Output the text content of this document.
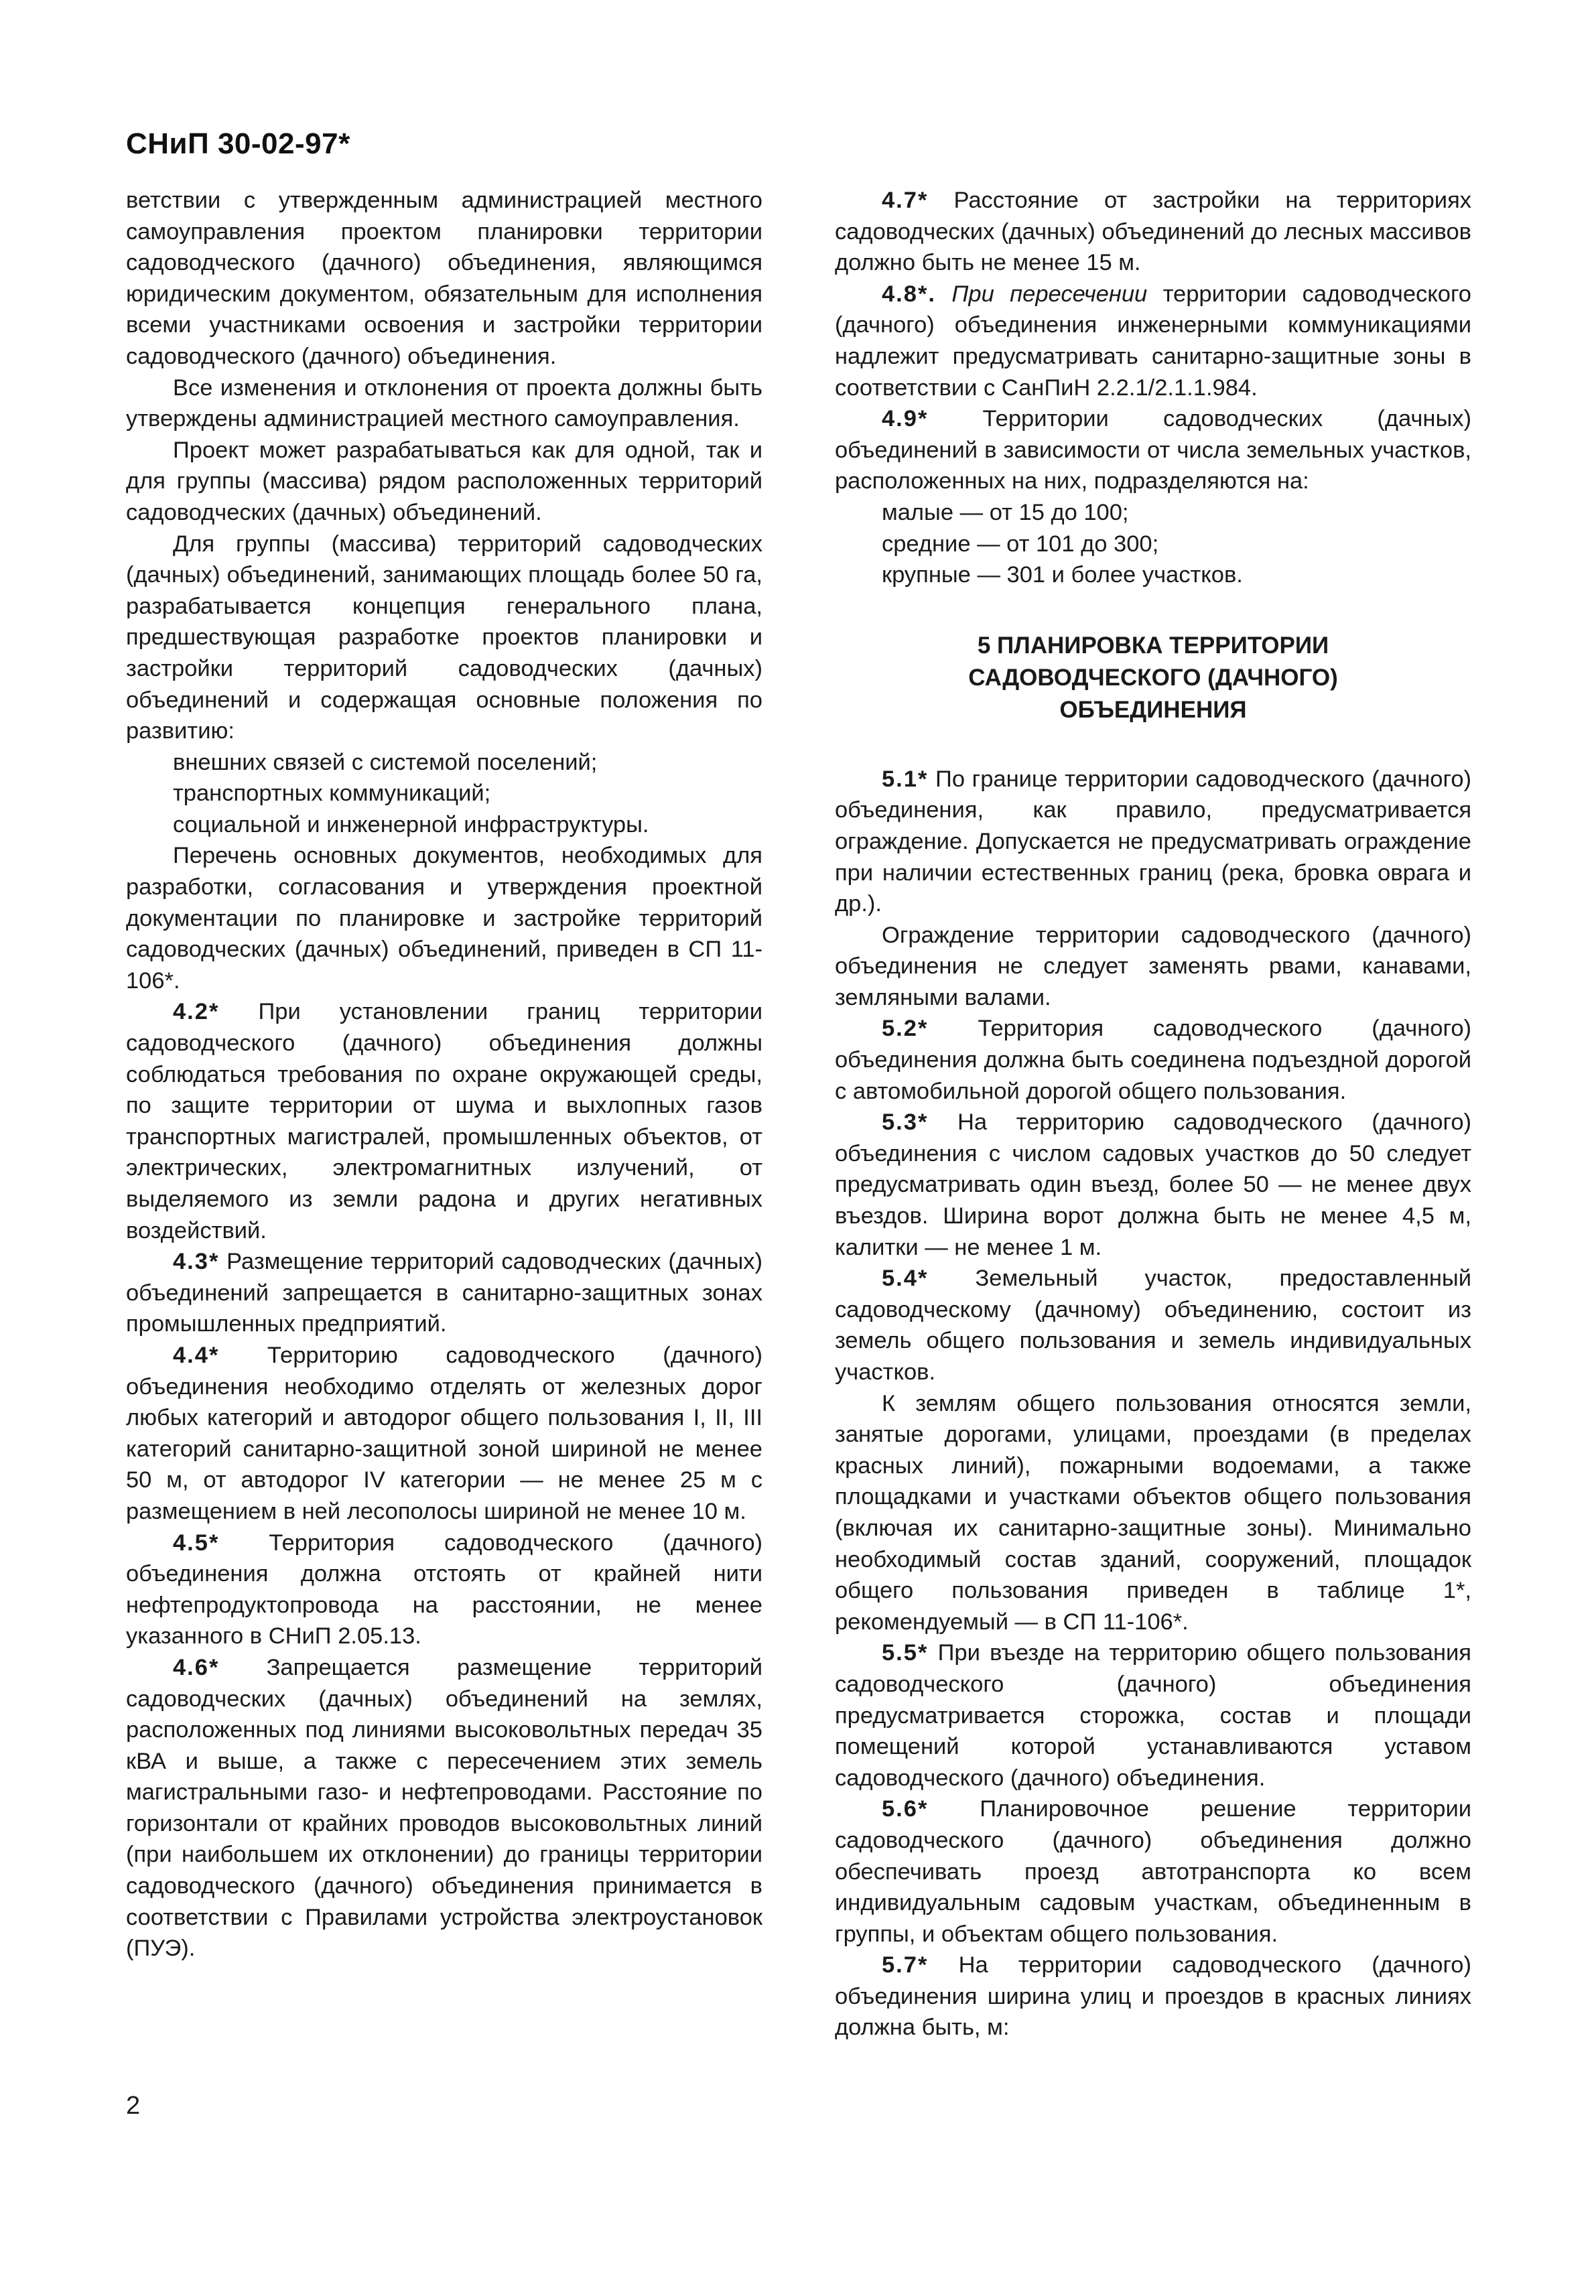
СНиП 30-02-97*

ветствии с утвержденным администрацией местного самоуправления проектом планировки территории садоводческого (дачного) объединения, являющимся юридическим документом, обязательным для исполнения всеми участниками освоения и застройки территории садоводческого (дачного) объединения.

Все изменения и отклонения от проекта должны быть утверждены администрацией местного самоуправления.

Проект может разрабатываться как для одной, так и для группы (массива) рядом расположенных территорий садоводческих (дачных) объединений.

Для группы (массива) территорий садоводческих (дачных) объединений, занимающих площадь более 50 га, разрабатывается концепция генерального плана, предшествующая разработке проектов планировки и застройки территорий садоводческих (дачных) объединений и содержащая основные положения по развитию:

внешних связей с системой поселений;

транспортных коммуникаций;

социальной и инженерной инфраструктуры.

Перечень основных документов, необходимых для разработки, согласования и утверждения проектной документации по планировке и застройке территорий садоводческих (дачных) объединений, приведен в СП 11-106*.

4.2* При установлении границ территории садоводческого (дачного) объединения должны соблюдаться требования по охране окружающей среды, по защите территории от шума и выхлопных газов транспортных магистралей, промышленных объектов, от электрических, электромагнитных излучений, от выделяемого из земли радона и других негативных воздействий.

4.3* Размещение территорий садоводческих (дачных) объединений запрещается в санитарно-защитных зонах промышленных предприятий.

4.4* Территорию садоводческого (дачного) объединения необходимо отделять от железных дорог любых категорий и автодорог общего пользования I, II, III категорий санитарно-защитной зоной шириной не менее 50 м, от автодорог IV категории — не менее 25 м с размещением в ней лесополосы шириной не менее 10 м.

4.5* Территория садоводческого (дачного) объединения должна отстоять от крайней нити нефтепродуктопровода на расстоянии, не менее указанного в СНиП 2.05.13.

4.6* Запрещается размещение территорий садоводческих (дачных) объединений на землях, расположенных под линиями высоковольтных передач 35 кВА и выше, а также с пересечением этих земель магистральными газо- и нефтепроводами. Расстояние по горизонтали от крайних проводов высоковольтных линий (при наибольшем их отклонении) до границы территории садоводческого (дачного) объединения принимается в соответствии с Правилами устройства электроустановок (ПУЭ).

4.7* Расстояние от застройки на территориях садоводческих (дачных) объединений до лесных массивов должно быть не менее 15 м.

4.8*. При пересечении территории садоводческого (дачного) объединения инженерными коммуникациями надлежит предусматривать санитарно-защитные зоны в соответствии с СанПиН 2.2.1/2.1.1.984.

4.9* Территории садоводческих (дачных) объединений в зависимости от числа земельных участков, расположенных на них, подразделяются на:

малые — от 15 до 100;

средние — от 101 до 300;

крупные — 301 и более участков.

5 ПЛАНИРОВКА ТЕРРИТОРИИ
САДОВОДЧЕСКОГО (ДАЧНОГО)
ОБЪЕДИНЕНИЯ

5.1* По границе территории садоводческого (дачного) объединения, как правило, предусматривается ограждение. Допускается не предусматривать ограждение при наличии естественных границ (река, бровка оврага и др.).

Ограждение территории садоводческого (дачного) объединения не следует заменять рвами, канавами, земляными валами.

5.2* Территория садоводческого (дачного) объединения должна быть соединена подъездной дорогой с автомобильной дорогой общего пользования.

5.3* На территорию садоводческого (дачного) объединения с числом садовых участков до 50 следует предусматривать один въезд, более 50 — не менее двух въездов. Ширина ворот должна быть не менее 4,5 м, калитки — не менее 1 м.

5.4* Земельный участок, предоставленный садоводческому (дачному) объединению, состоит из земель общего пользования и земель индивидуальных участков.

К землям общего пользования относятся земли, занятые дорогами, улицами, проездами (в пределах красных линий), пожарными водоемами, а также площадками и участками объектов общего пользования (включая их санитарно-защитные зоны). Минимально необходимый состав зданий, сооружений, площадок общего пользования приведен в таблице 1*, рекомендуемый — в СП 11-106*.

5.5* При въезде на территорию общего пользования садоводческого (дачного) объединения предусматривается сторожка, состав и площади помещений которой устанавливаются уставом садоводческого (дачного) объединения.

5.6* Планировочное решение территории садоводческого (дачного) объединения должно обеспечивать проезд автотранспорта ко всем индивидуальным садовым участкам, объединенным в группы, и объектам общего пользования.

5.7* На территории садоводческого (дачного) объединения ширина улиц и проездов в красных линиях должна быть, м:

2
